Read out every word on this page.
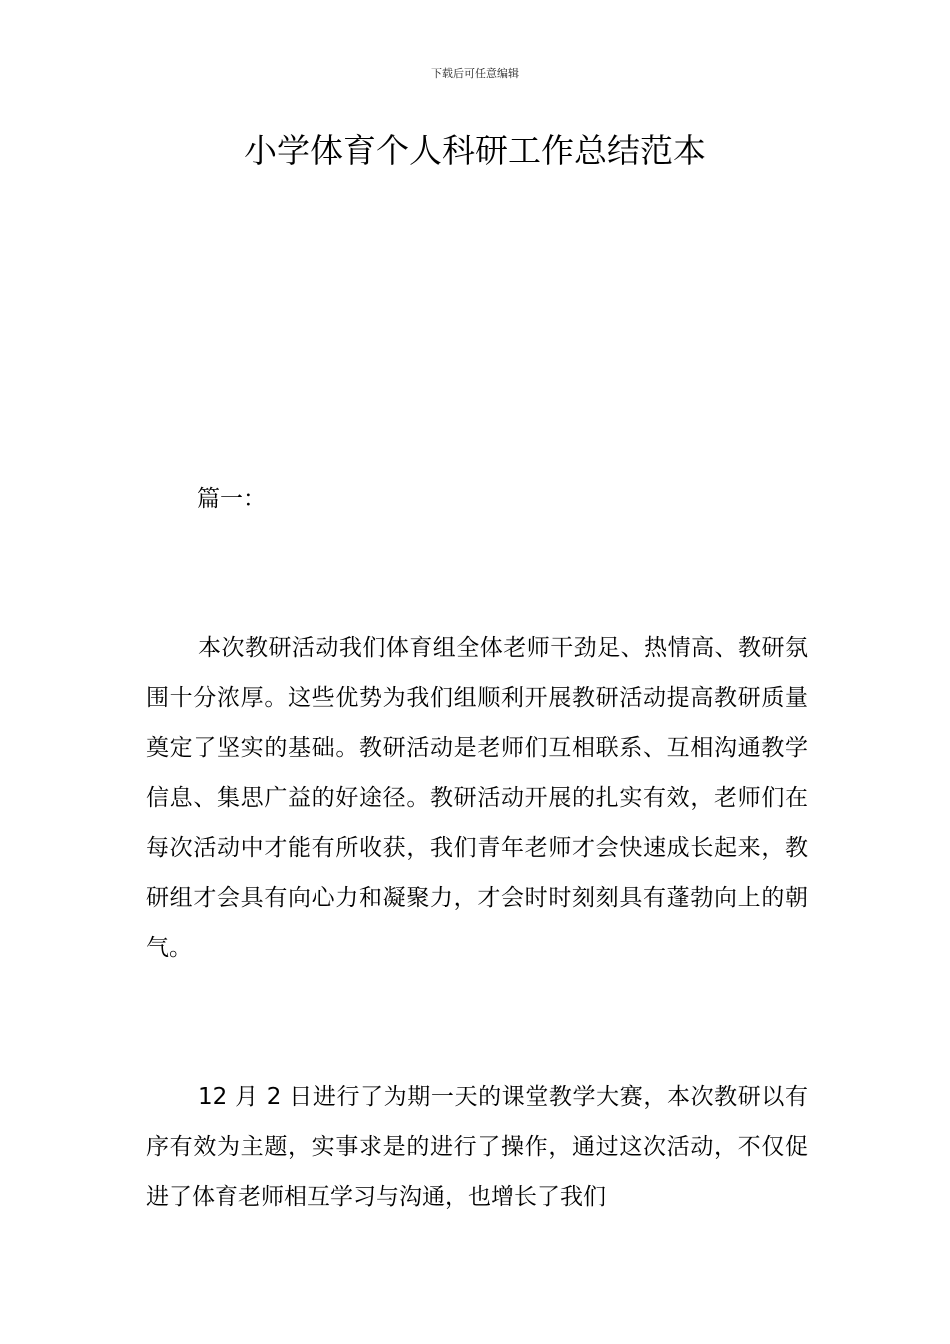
下载后可任意编辑
小学体育个人科研工作总结范本
篇一：

本次教研活动我们体育组全体老师干劲足、热情高、教研氛围十分浓厚。这些优势为我们组顺利开展教研活动提高教研质量奠定了坚实的基础。教研活动是老师们互相联系、互相沟通教学信息、集思广益的好途径。教研活动开展的扎实有效，老师们在每次活动中才能有所收获，我们青年老师才会快速成长起来，教研组才会具有向心力和凝聚力，才会时时刻刻具有蓬勃向上的朝气。

12 月 2 日进行了为期一天的课堂教学大赛，本次教研以有序有效为主题，实事求是的进行了操作，通过这次活动，不仅促进了体育老师相互学习与沟通，也增长了我们
